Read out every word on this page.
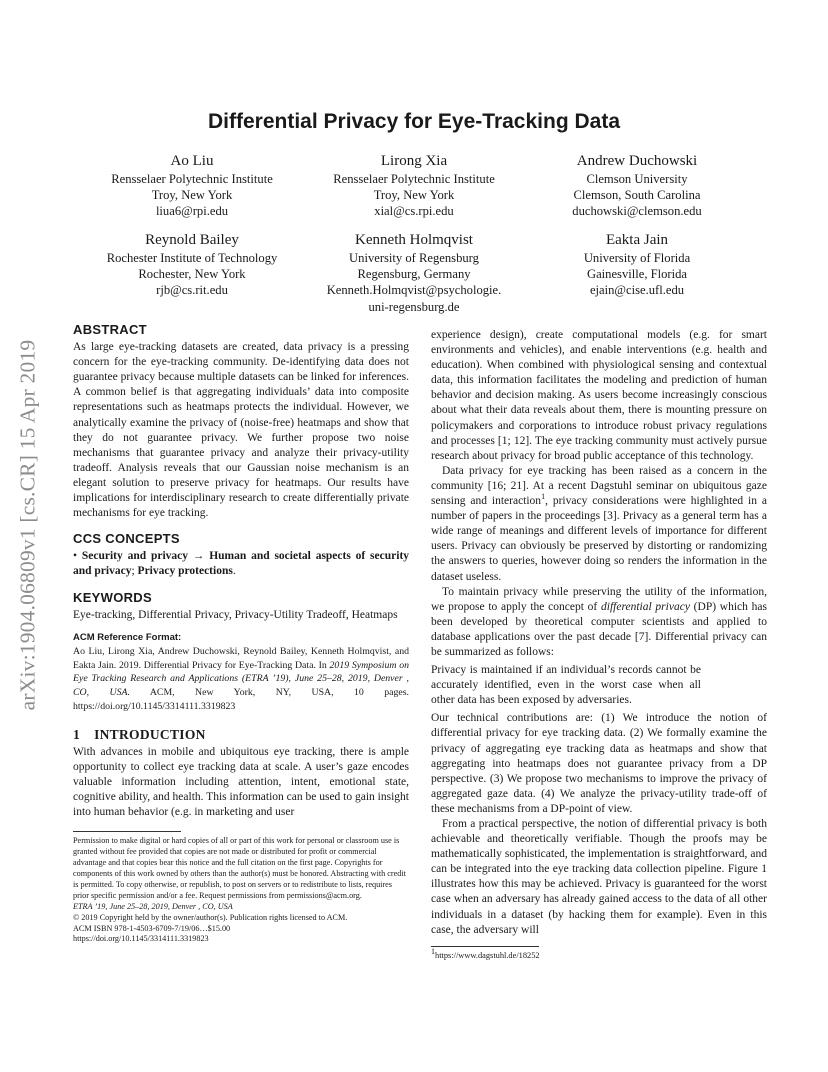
arXiv:1904.06809v1 [cs.CR] 15 Apr 2019
Differential Privacy for Eye-Tracking Data
Ao Liu
Rensselaer Polytechnic Institute
Troy, New York
liua6@rpi.edu
Lirong Xia
Rensselaer Polytechnic Institute
Troy, New York
xial@cs.rpi.edu
Andrew Duchowski
Clemson University
Clemson, South Carolina
duchowski@clemson.edu
Reynold Bailey
Rochester Institute of Technology
Rochester, New York
rjb@cs.rit.edu
Kenneth Holmqvist
University of Regensburg
Regensburg, Germany
Kenneth.Holmqvist@psychologie.
uni-regensburg.de
Eakta Jain
University of Florida
Gainesville, Florida
ejain@cise.ufl.edu
ABSTRACT

As large eye-tracking datasets are created, data privacy is a pressing concern for the eye-tracking community. De-identifying data does not guarantee privacy because multiple datasets can be linked for inferences. A common belief is that aggregating individuals’ data into composite representations such as heatmaps protects the individual. However, we analytically examine the privacy of (noise-free) heatmaps and show that they do not guarantee privacy. We further propose two noise mechanisms that guarantee privacy and analyze their privacy-utility tradeoff. Analysis reveals that our Gaussian noise mechanism is an elegant solution to preserve privacy for heatmaps. Our results have implications for interdisciplinary research to create differentially private mechanisms for eye tracking.

CCS CONCEPTS

• Security and privacy → Human and societal aspects of security and privacy; Privacy protections.

KEYWORDS

Eye-tracking, Differential Privacy, Privacy-Utility Tradeoff, Heatmaps

ACM Reference Format:

Ao Liu, Lirong Xia, Andrew Duchowski, Reynold Bailey, Kenneth Holmqvist, and Eakta Jain. 2019. Differential Privacy for Eye-Tracking Data. In 2019 Symposium on Eye Tracking Research and Applications (ETRA ’19), June 25–28, 2019, Denver , CO, USA. ACM, New York, NY, USA, 10 pages. https://doi.org/10.1145/3314111.3319823

1 INTRODUCTION

With advances in mobile and ubiquitous eye tracking, there is ample opportunity to collect eye tracking data at scale. A user’s gaze encodes valuable information including attention, intent, emotional state, cognitive ability, and health. This information can be used to gain insight into human behavior (e.g. in marketing and user

Permission to make digital or hard copies of all or part of this work for personal or classroom use is granted without fee provided that copies are not made or distributed for profit or commercial advantage and that copies bear this notice and the full citation on the first page. Copyrights for components of this work owned by others than the author(s) must be honored. Abstracting with credit is permitted. To copy otherwise, or republish, to post on servers or to redistribute to lists, requires prior specific permission and/or a fee. Request permissions from permissions@acm.org.

ETRA ’19, June 25–28, 2019, Denver , CO, USA

© 2019 Copyright held by the owner/author(s). Publication rights licensed to ACM.

ACM ISBN 978-1-4503-6709-7/19/06…$15.00

https://doi.org/10.1145/3314111.3319823

experience design), create computational models (e.g. for smart environments and vehicles), and enable interventions (e.g. health and education). When combined with physiological sensing and contextual data, this information facilitates the modeling and prediction of human behavior and decision making. As users become increasingly conscious about what their data reveals about them, there is mounting pressure on policymakers and corporations to introduce robust privacy regulations and processes [1; 12]. The eye tracking community must actively pursue research about privacy for broad public acceptance of this technology.

Data privacy for eye tracking has been raised as a concern in the community [16; 21]. At a recent Dagstuhl seminar on ubiquitous gaze sensing and interaction$^1$, privacy considerations were highlighted in a number of papers in the proceedings [3]. Privacy as a general term has a wide range of meanings and different levels of importance for different users. Privacy can obviously be preserved by distorting or randomizing the answers to queries, however doing so renders the information in the dataset useless.

To maintain privacy while preserving the utility of the information, we propose to apply the concept of differential privacy (DP) which has been developed by theoretical computer scientists and applied to database applications over the past decade [7]. Differential privacy can be summarized as follows:

Privacy is maintained if an individual’s records cannot be accurately identified, even in the worst case when all other data has been exposed by adversaries.

Our technical contributions are: (1) We introduce the notion of differential privacy for eye tracking data. (2) We formally examine the privacy of aggregating eye tracking data as heatmaps and show that aggregating into heatmaps does not guarantee privacy from a DP perspective. (3) We propose two mechanisms to improve the privacy of aggregated gaze data. (4) We analyze the privacy-utility trade-off of these mechanisms from a DP-point of view.

From a practical perspective, the notion of differential privacy is both achievable and theoretically verifiable. Though the proofs may be mathematically sophisticated, the implementation is straightforward, and can be integrated into the eye tracking data collection pipeline. Figure 1 illustrates how this may be achieved. Privacy is guaranteed for the worst case when an adversary has already gained access to the data of all other individuals in a dataset (by hacking them for example). Even in this case, the adversary will

$^1$https://www.dagstuhl.de/18252
